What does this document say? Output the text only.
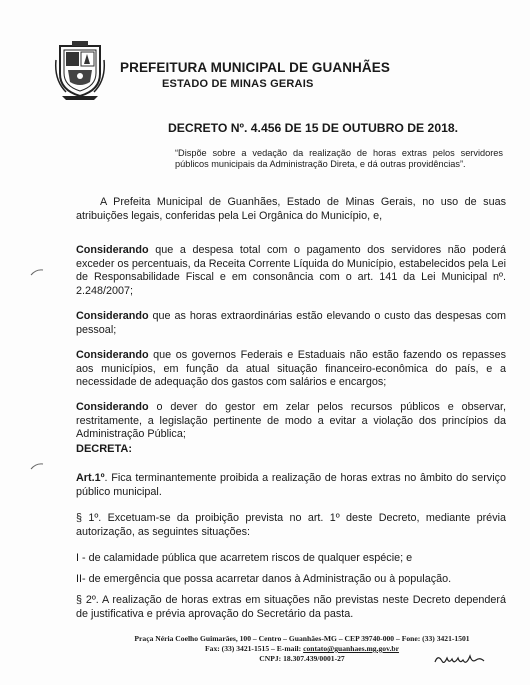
PREFEITURA MUNICIPAL DE GUANHÃES
ESTADO DE MINAS GERAIS
DECRETO Nº. 4.456 DE 15 DE OUTUBRO DE 2018.
“Dispõe sobre a vedação da realização de horas extras pelos servidores públicos municipais da Administração Direta, e dá outras providências”.
A Prefeita Municipal de Guanhães, Estado de Minas Gerais, no uso de suas atribuições legais, conferidas pela Lei Orgânica do Município, e,
Considerando que a despesa total com o pagamento dos servidores não poderá exceder os percentuais, da Receita Corrente Líquida do Município, estabelecidos pela Lei de Responsabilidade Fiscal e em consonância com o art. 141 da Lei Municipal nº. 2.248/2007;
Considerando que as horas extraordinárias estão elevando o custo das despesas com pessoal;
Considerando que os governos Federais e Estaduais não estão fazendo os repasses aos municípios, em função da atual situação financeiro-econômica do país, e a necessidade de adequação dos gastos com salários e encargos;
Considerando o dever do gestor em zelar pelos recursos públicos e observar, restritamente, a legislação pertinente de modo a evitar a violação dos princípios da Administração Pública;
DECRETA:
Art.1º. Fica terminantemente proibida a realização de horas extras no âmbito do serviço público municipal.
§ 1º. Excetuam-se da proibição prevista no art. 1º deste Decreto, mediante prévia autorização, as seguintes situações:
I - de calamidade pública que acarretem riscos de qualquer espécie; e
II- de emergência que possa acarretar danos à Administração ou à população.
§ 2º. A realização de horas extras em situações não previstas neste Decreto dependerá de justificativa e prévia aprovação do Secretário da pasta.
Praça Néria Coelho Guimarães, 100 – Centro – Guanhães-MG – CEP 39740-000 – Fone: (33) 3421-1501
Fax: (33) 3421-1515 – E-mail: contato@guanhaes.mg.gov.br
CNPJ: 18.307.439/0001-27
